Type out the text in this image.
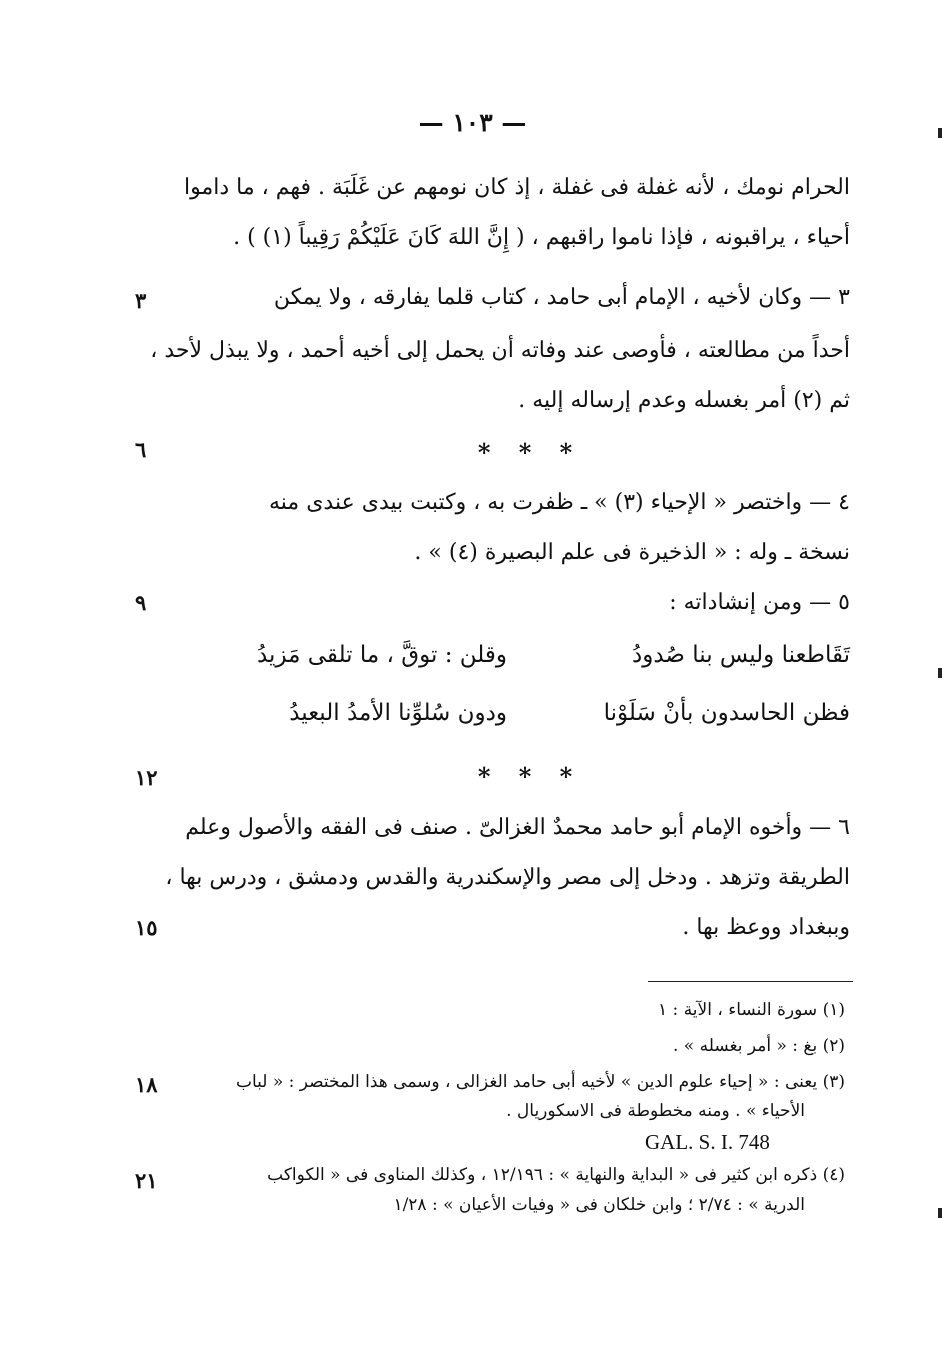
— ١٠٣ —
الحرام نومك ، لأنه غفلة فى غفلة ، إذ كان نومهم عن غَلَبَة . فهم ، ما داموا
أحياء ، يراقبونه ، فإذا ناموا راقبهم ، ( إِنَّ اللهَ كَانَ عَلَيْكُمْ رَقِيباً (١) ) .
٣	٣ — وكان لأخيه ، الإمام أبى حامد ، كتاب قلما يفارقه ، ولا يمكن
أحداً من مطالعته ، فأوصى عند وفاته أن يحمل إلى أخيه أحمد ، ولا يبذل لأحد ،
ثم (٢) أمر بغسله وعدم إرساله إليه .
٦	* * *
٤ — واختصر « الإحياء (٣) » ـ ظفرت به ، وكتبت بيدى عندى منه
نسخة ـ وله : « الذخيرة فى علم البصيرة (٤) » .
٩	٥ — ومن إنشاداته :
تَقَاطعنا وليس بنا صُدودُ
وقلن : توقَّ ، ما تلقى مَزيدُ
فظن الحاسدون بأنْ سَلَوْنا
ودون سُلوِّنا الأمدُ البعيدُ
١٢	* * *
٦ — وأخوه الإمام أبو حامد محمدٌ الغزالىّ . صنف فى الفقه والأصول وعلم
الطريقة وتزهد . ودخل إلى مصر والإسكندرية والقدس ودمشق ، ودرس بها ،
١٥	وببغداد ووعظ بها .
(١) سورة النساء ، الآية : ١
(٢) بغ : « أمر بغسله » .
١٨	(٣) يعنى : « إحياء علوم الدين » لأخيه أبى حامد الغزالى ، وسمى هذا المختصر : « لباب
الأحياء » . ومنه مخطوطة فى الاسكوريال .
GAL. S. I. 748
٢١	(٤) ذكره ابن كثير فى « البداية والنهاية » : ١٢/١٩٦ ، وكذلك المناوى فى « الكواكب
الدرية » : ٢/٧٤ ؛ وابن خلكان فى « وفيات الأعيان » : ١/٢٨
